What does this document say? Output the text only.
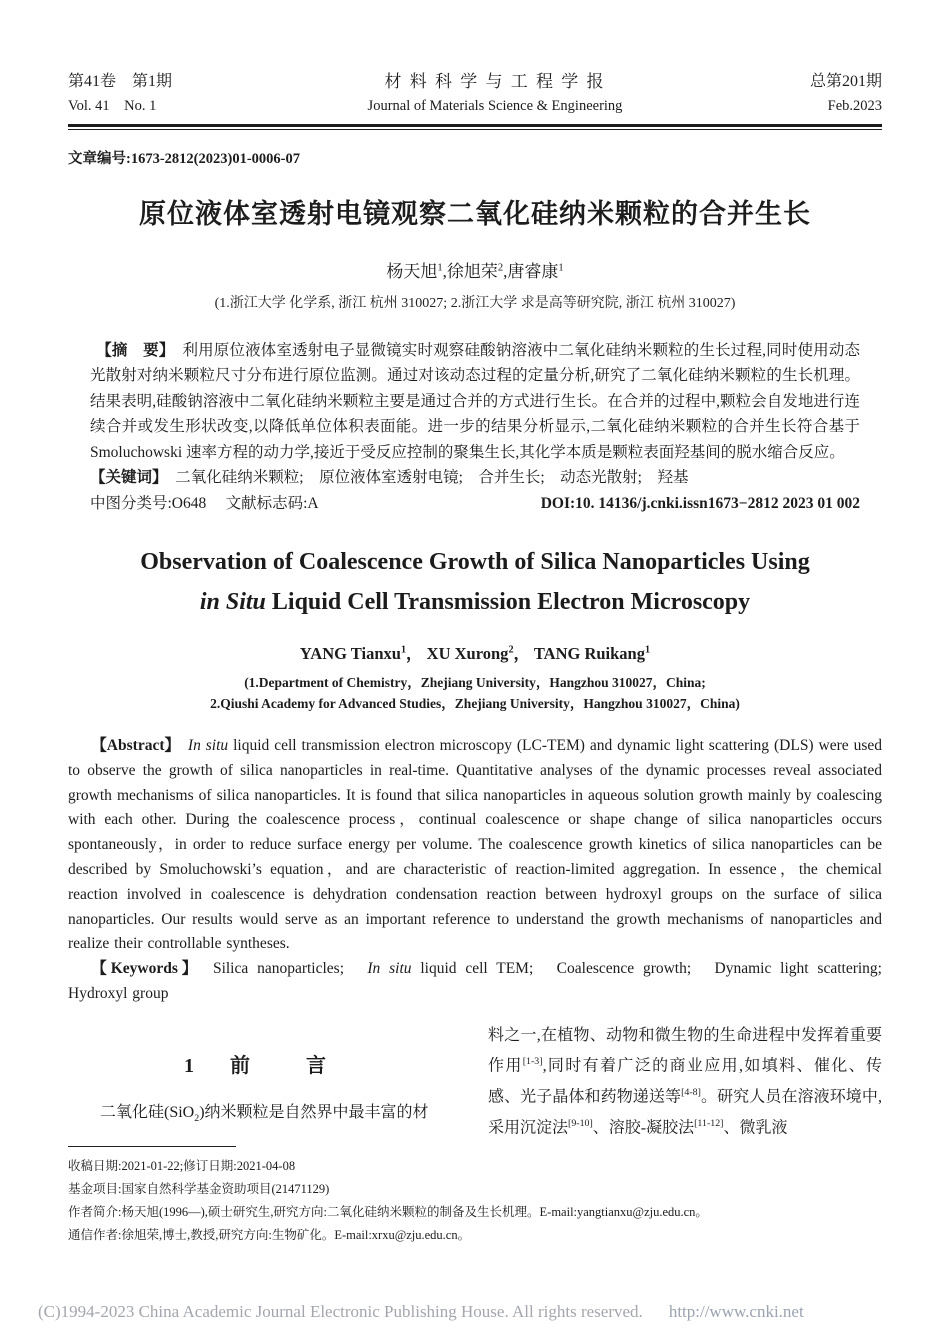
第41卷　第1期
Vol. 41　No. 1
材 料 科 学 与 工 程 学 报
Journal of Materials Science & Engineering
总第201期
Feb.2023
文章编号:1673-2812(2023)01-0006-07
原位液体室透射电镜观察二氧化硅纳米颗粒的合并生长
杨天旭$^1$,徐旭荣$^2$,唐睿康$^1$
(1.浙江大学 化学系, 浙江 杭州 310027; 2.浙江大学 求是高等研究院, 浙江 杭州 310027)
【摘　要】　利用原位液体室透射电子显微镜实时观察硅酸钠溶液中二氧化硅纳米颗粒的生长过程,同时使用动态光散射对纳米颗粒尺寸分布进行原位监测。通过对该动态过程的定量分析,研究了二氧化硅纳米颗粒的生长机理。结果表明,硅酸钠溶液中二氧化硅纳米颗粒主要是通过合并的方式进行生长。在合并的过程中,颗粒会自发地进行连续合并或发生形状改变,以降低单位体积表面能。进一步的结果分析显示,二氧化硅纳米颗粒的合并生长符合基于 Smoluchowski 速率方程的动力学,接近于受反应控制的聚集生长,其化学本质是颗粒表面羟基间的脱水缩合反应。
【关键词】　二氧化硅纳米颗粒;　原位液体室透射电镜;　合并生长;　动态光散射;　羟基
中图分类号:O648　 文献标志码:A	DOI:10. 14136/j.cnki.issn1673−2812 2023 01 002
Observation of Coalescence Growth of Silica Nanoparticles Using
in Situ Liquid Cell Transmission Electron Microscopy
YANG Tianxu$^1$， XU Xurong$^2$， TANG Ruikang$^1$
(1.Department of Chemistry，Zhejiang University，Hangzhou 310027，China;
2.Qiushi Academy for Advanced Studies，Zhejiang University，Hangzhou 310027，China)
【Abstract】　 In situ liquid cell transmission electron microscopy (LC-TEM) and dynamic light scattering (DLS) were used to observe the growth of silica nanoparticles in real-time. Quantitative analyses of the dynamic processes reveal associated growth mechanisms of silica nanoparticles. It is found that silica nanoparticles in aqueous solution growth mainly by coalescing with each other. During the coalescence process，continual coalescence or shape change of silica nanoparticles occurs spontaneously，in order to reduce surface energy per volume. The coalescence growth kinetics of silica nanoparticles can be described by Smoluchowski’s equation，and are characteristic of reaction-limited aggregation. In essence，the chemical reaction involved in coalescence is dehydration condensation reaction between hydroxyl groups on the surface of silica nanoparticles. Our results would serve as an important reference to understand the growth mechanisms of nanoparticles and realize their controllable syntheses.
【Keywords】　Silica nanoparticles;　In situ liquid cell TEM;　Coalescence growth;　Dynamic light scattering;　Hydroxyl group
1 前　言
二氧化硅(SiO$_2$)纳米颗粒是自然界中最丰富的材
料之一,在植物、动物和微生物的生命进程中发挥着重要作用[1-3],同时有着广泛的商业应用,如填料、催化、传感、光子晶体和药物递送等[4-8]。研究人员在溶液环境中,采用沉淀法[9-10]、溶胶-凝胶法[11-12]、微乳液
收稿日期:2021-01-22;修订日期:2021-04-08
基金项目:国家自然科学基金资助项目(21471129)
作者简介:杨天旭(1996—),硕士研究生,研究方向:二氧化硅纳米颗粒的制备及生长机理。E-mail:yangtianxu@zju.edu.cn。
通信作者:徐旭荣,博士,教授,研究方向:生物矿化。E-mail:xrxu@zju.edu.cn。
(C)1994-2023 China Academic Journal Electronic Publishing House. All rights reserved. http://www.cnki.net
